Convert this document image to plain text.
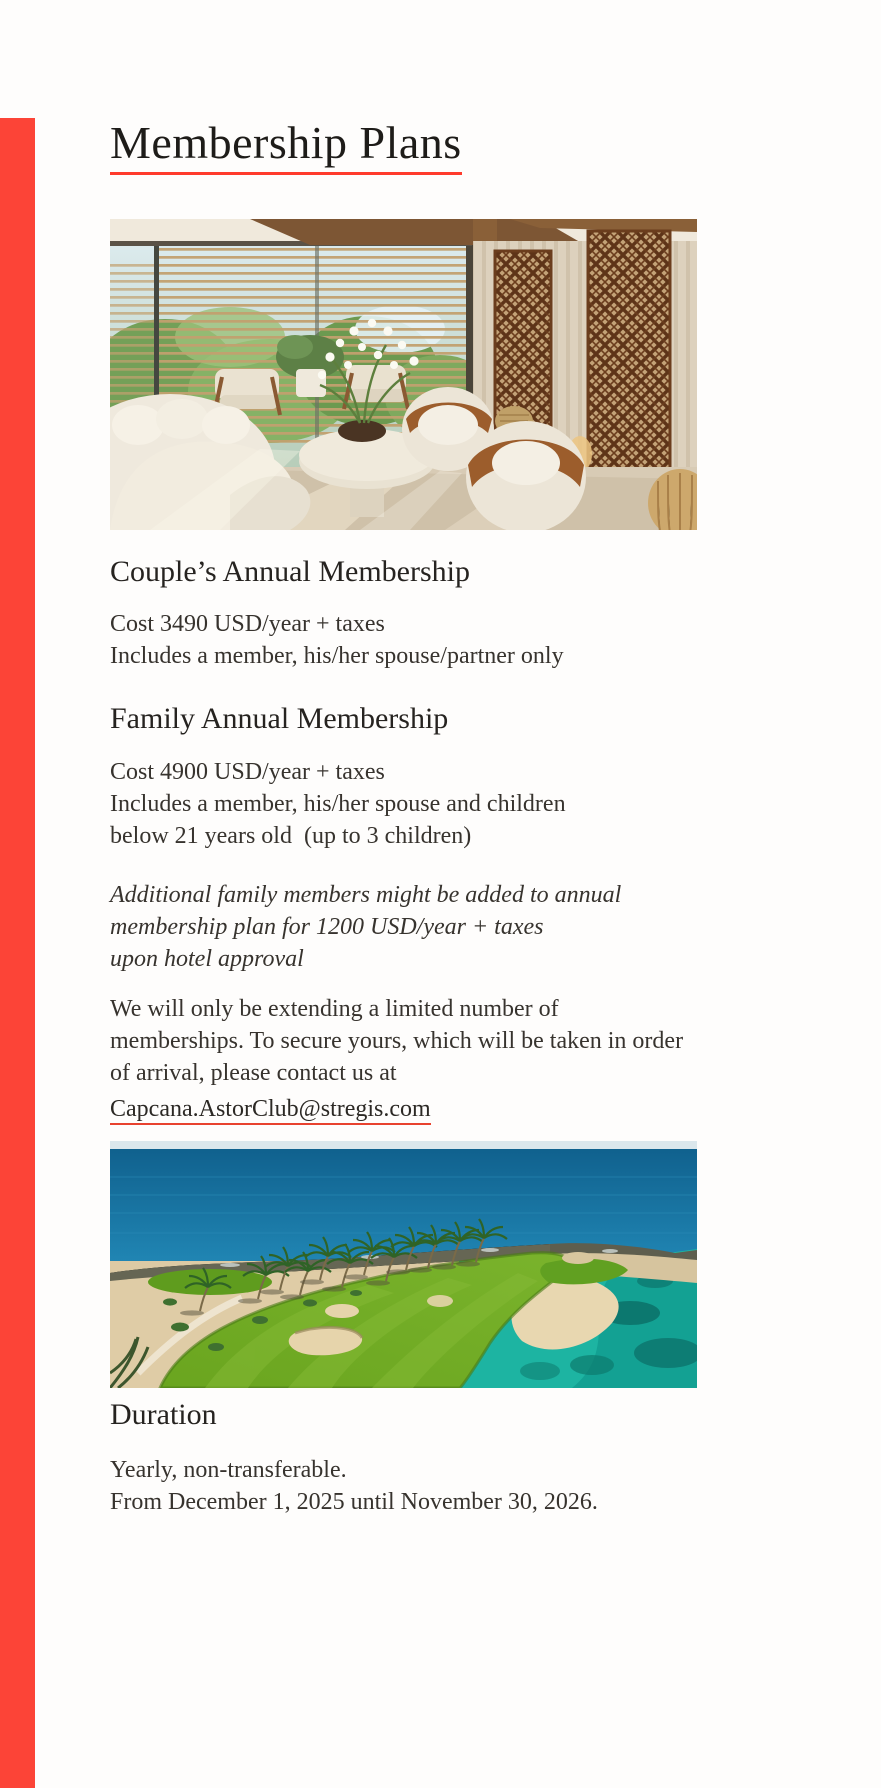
Membership Plans
Couple’s Annual Membership
Cost 3490 USD/year + taxes
Includes a member, his/her spouse/partner only
Family Annual Membership
Cost 4900 USD/year + taxes
Includes a member, his/her spouse and children
below 21 years old  (up to 3 children)
Additional family members might be added to annual
membership plan for 1200 USD/year + taxes
upon hotel approval
We will only be extending a limited number of
memberships. To secure yours, which will be taken in order
of arrival, please contact us at
Capcana.AstorClub@stregis.com
Duration
Yearly, non-transferable.
From December 1, 2025 until November 30, 2026.
